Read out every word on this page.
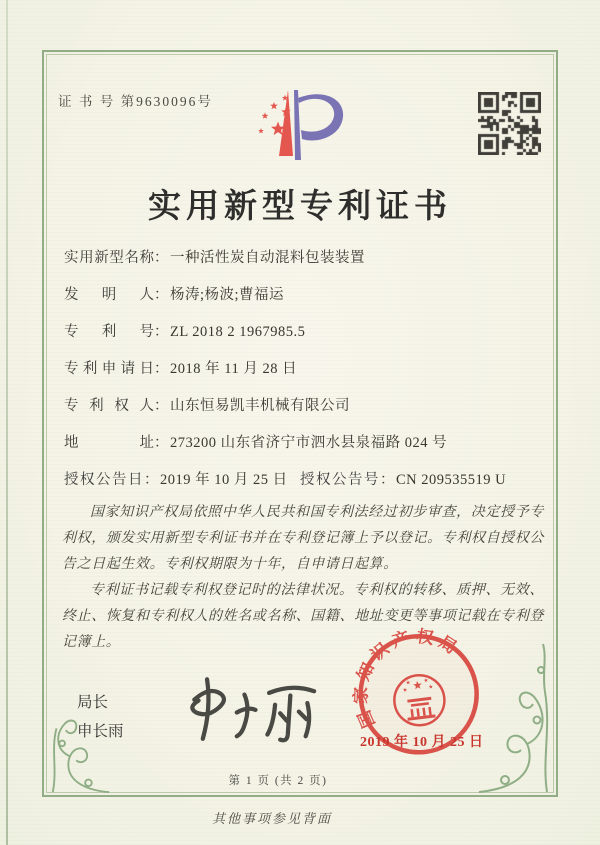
证 书 号 第9630096号
实用新型专利证书
实用新型名称： 一种活性炭自动混料包装装置
发明人： 杨涛;杨波;曹福运
专利号： ZL 2018 2 1967985.5
专利申请日： 2018 年 11 月 28 日
专利权人： 山东恒易凯丰机械有限公司
地址： 273200 山东省济宁市泗水县泉福路 024 号
授权公告日： 2019 年 10 月 25 日 授权公告号： CN 209535519 U

国家知识产权局依照中华人民共和国专利法经过初步审查，决定授予专利权，颁发实用新型专利证书并在专利登记簿上予以登记。专利权自授权公告之日起生效。专利权期限为十年，自申请日起算。

专利证书记载专利权登记时的法律状况。专利权的转移、质押、无效、终止、恢复和专利权人的姓名或名称、国籍、地址变更等事项记载在专利登记簿上。

局长
申长雨
国家知识产权局
2019 年 10 月 25 日
第 1 页 (共 2 页)
其他事项参见背面
